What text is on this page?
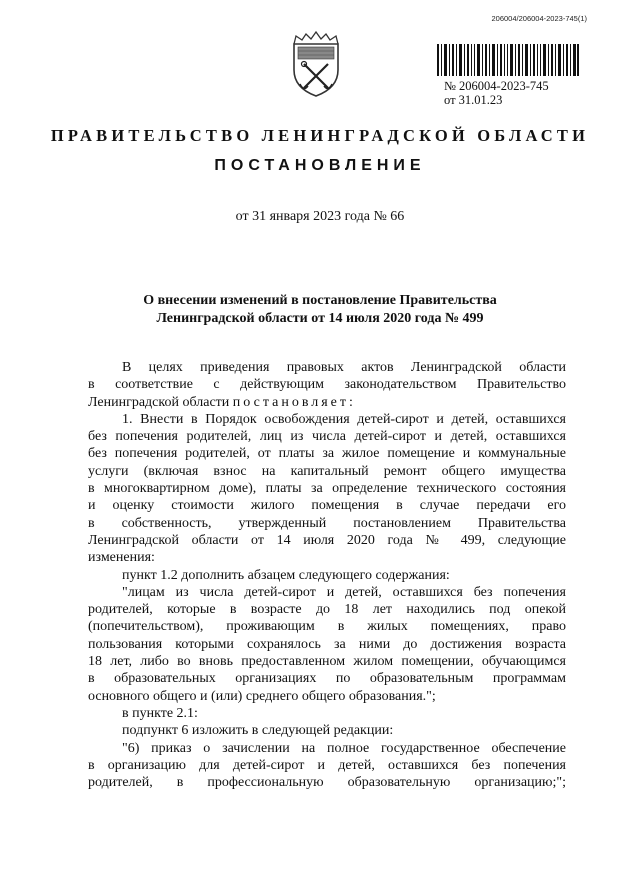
206004/206004-2023-745(1)
№ 206004-2023-745
от 31.01.23
ПРАВИТЕЛЬСТВО ЛЕНИНГРАДСКОЙ ОБЛАСТИ
ПОСТАНОВЛЕНИЕ
от 31 января 2023 года № 66
О внесении изменений в постановление Правительства
Ленинградской области от 14 июля 2020 года № 499
В целях приведения правовых актов Ленинградской области
в соответствие с действующим законодательством Правительство
Ленинградской области постановляет:
1. Внести в Порядок освобождения детей-сирот и детей, оставшихся
без попечения родителей, лиц из числа детей-сирот и детей, оставшихся
без попечения родителей, от платы за жилое помещение и коммунальные
услуги (включая взнос на капитальный ремонт общего имущества
в многоквартирном доме), платы за определение технического состояния
и оценку стоимости жилого помещения в случае передачи его
в собственность, утвержденный постановлением Правительства
Ленинградской области от 14 июля 2020 года № 499, следующие
изменения:
пункт 1.2 дополнить абзацем следующего содержания:
"лицам из числа детей-сирот и детей, оставшихся без попечения
родителей, которые в возрасте до 18 лет находились под опекой
(попечительством), проживающим в жилых помещениях, право
пользования которыми сохранялось за ними до достижения возраста
18 лет, либо во вновь предоставленном жилом помещении, обучающимся
в образовательных организациях по образовательным программам
основного общего и (или) среднего общего образования.";
в пункте 2.1:
подпункт 6 изложить в следующей редакции:
"6) приказ о зачислении на полное государственное обеспечение
в организацию для детей-сирот и детей, оставшихся без попечения
родителей, в профессиональную образовательную организацию;";
